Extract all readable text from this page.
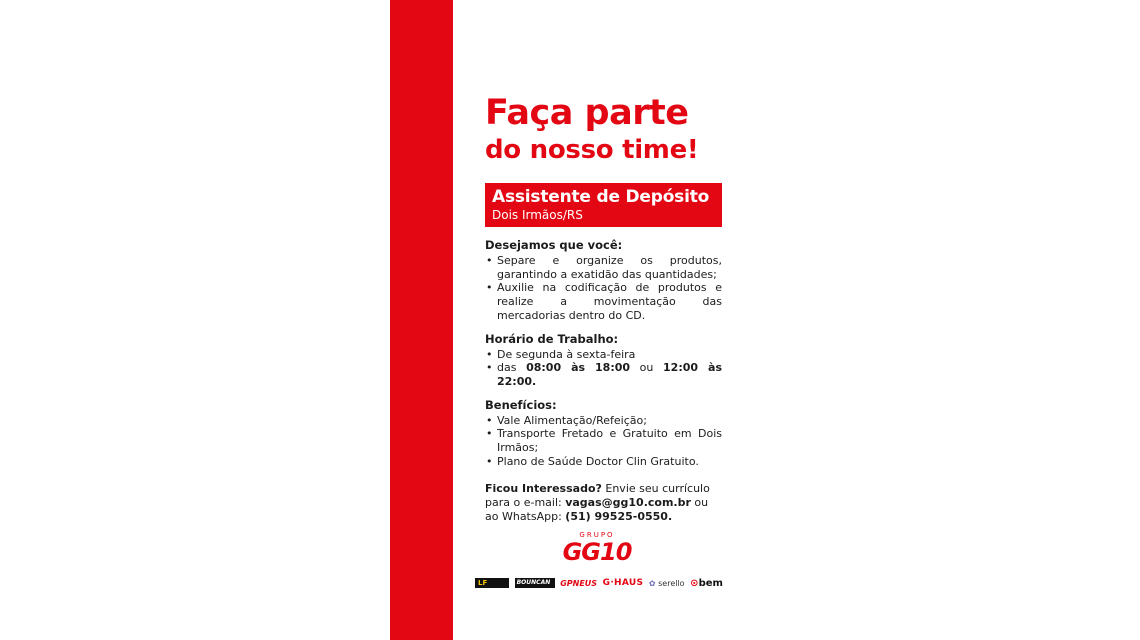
Faça parte
do nosso time!
Assistente de Depósito
Dois Irmãos/RS

Desejamos que você:

• Separe e organize os produtos, garantindo a exatidão das quantidades;
• Auxilie na codificação de produtos e realize a movimentação das mercadorias dentro do CD.

Horário de Trabalho:

• De segunda à sexta-feira
• das 08:00 às 18:00 ou 12:00 às 22:00.

Benefícios:

• Vale Alimentação/Refeição;
• Transporte Fretado e Gratuito em Dois Irmãos;
• Plano de Saúde Doctor Clin Gratuito.

Ficou Interessado? Envie seu currículo para o e-mail: vagas@gg10.com.br ou ao WhatsApp: (51) 99525-0550.

GRUPO
GG10
LF	BOUNCAN	GPNEUS G·HAUS ✿ serello ⊙bem
